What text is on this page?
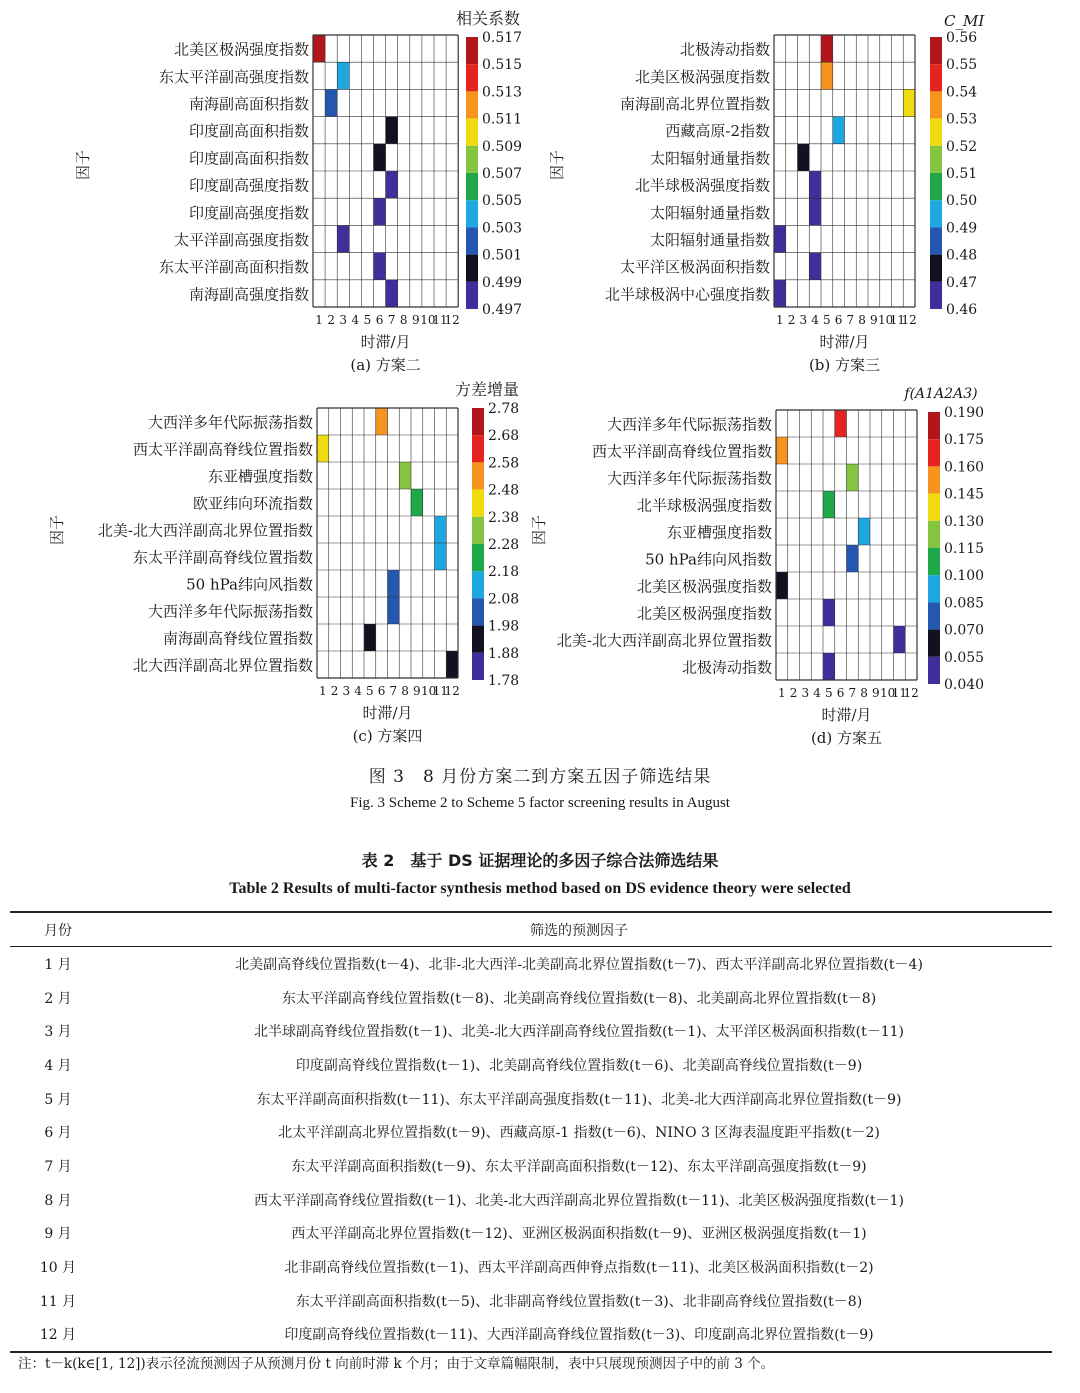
北美区极涡强度指数
东太平洋副高强度指数
南海副高面积指数
印度副高面积指数
印度副高面积指数
印度副高强度指数
印度副高强度指数
太平洋副高强度指数
东太平洋副高面积指数
南海副高强度指数
1 2 3 4 5 6 7 8 9 10
11
12
时滞/月
(a) 方案二
因子
0.517
0.515
0.513
0.511
0.509
0.507
0.505
0.503
0.501
0.499
0.497
北极涛动指数
北美区极涡强度指数
南海副高北界位置指数
西藏高原-2指数
太阳辐射通量指数
北半球极涡强度指数
太阳辐射通量指数
太阳辐射通量指数
太平洋区极涡面积指数
北半球极涡中心强度指数
1 2 3 4 5 6 7 8 9 10
11
12
时滞/月
(b) 方案三
因子
0.56
0.55
0.54
0.53
0.52
0.51
0.50
0.49
0.48
0.47
0.46
大西洋多年代际振荡指数
西太平洋副高脊线位置指数
东亚槽强度指数
欧亚纬向环流指数
北美-北大西洋副高北界位置指数
东太平洋副高脊线位置指数
50 hPa纬向风指数
大西洋多年代际振荡指数
南海副高脊线位置指数
北大西洋副高北界位置指数
1 2 3 4 5 6 7 8 9 10
11
12
时滞/月
(c) 方案四
因子
2.78
2.68
2.58
2.48
2.38
2.28
2.18
2.08
1.98
1.88
1.78
大西洋多年代际振荡指数
西太平洋副高脊线位置指数
大西洋多年代际振荡指数
北半球极涡强度指数
东亚槽强度指数
50 hPa纬向风指数
北美区极涡强度指数
北美区极涡强度指数
北美-北大西洋副高北界位置指数
北极涛动指数
1 2 3 4 5 6 7 8 9 10
11
12
时滞/月
(d) 方案五
因子
0.190
0.175
0.160
0.145
0.130
0.115
0.100
0.085
0.070
0.055
0.040
相关系数	C_MI
方差增量	f(A1A2A3)
图 3　8 月份方案二到方案五因子筛选结果
Fig. 3 Scheme 2 to Scheme 5 factor screening results in August
表 2　基于 DS 证据理论的多因子综合法筛选结果
Table 2 Results of multi-factor synthesis method based on DS evidence theory were selected
月份	筛选的预测因子
1 月	北美副高脊线位置指数(t－4)、北非-北大西洋-北美副高北界位置指数(t－7)、西太平洋副高北界位置指数(t－4)
2 月	东太平洋副高脊线位置指数(t－8)、北美副高脊线位置指数(t－8)、北美副高北界位置指数(t－8)
3 月	北半球副高脊线位置指数(t－1)、北美-北大西洋副高脊线位置指数(t－1)、太平洋区极涡面积指数(t－11)
4 月	印度副高脊线位置指数(t－1)、北美副高脊线位置指数(t－6)、北美副高脊线位置指数(t－9)
5 月	东太平洋副高面积指数(t－11)、东太平洋副高强度指数(t－11)、北美-北大西洋副高北界位置指数(t－9)
6 月	北太平洋副高北界位置指数(t－9)、西藏高原-1 指数(t－6)、NINO 3 区海表温度距平指数(t－2)
7 月	东太平洋副高面积指数(t－9)、东太平洋副高面积指数(t－12)、东太平洋副高强度指数(t－9)
8 月	西太平洋副高脊线位置指数(t－1)、北美-北大西洋副高北界位置指数(t－11)、北美区极涡强度指数(t－1)
9 月	西太平洋副高北界位置指数(t－12)、亚洲区极涡面积指数(t－9)、亚洲区极涡强度指数(t－1)
10 月	北非副高脊线位置指数(t－1)、西太平洋副高西伸脊点指数(t－11)、北美区极涡面积指数(t－2)
11 月	东太平洋副高面积指数(t－5)、北非副高脊线位置指数(t－3)、北非副高脊线位置指数(t－8)
12 月	印度副高脊线位置指数(t－11)、大西洋副高脊线位置指数(t－3)、印度副高北界位置指数(t－9)
注：t－k(k∈[1, 12])表示径流预测因子从预测月份 t 向前时滞 k 个月；由于文章篇幅限制，表中只展现预测因子中的前 3 个。
